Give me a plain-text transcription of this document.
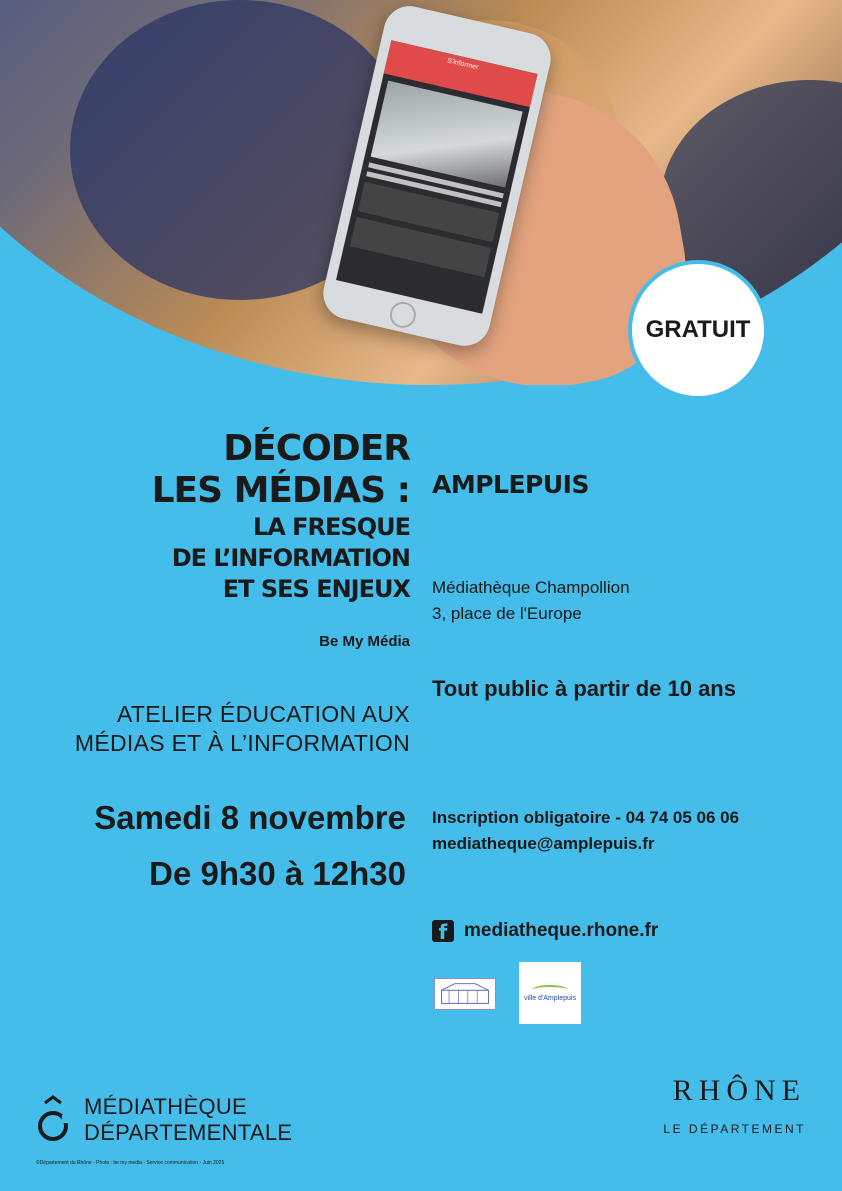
S'informer
GRATUIT
DÉCODER
LES MÉDIAS :
LA FRESQUE
DE L’INFORMATION
ET SES ENJEUX
Be My Média
ATELIER ÉDUCATION AUX
MÉDIAS ET À L’INFORMATION
Samedi 8 novembre
De 9h30 à 12h30
AMPLEPUIS
Médiathèque Champollion
3, place de l'Europe
Tout public à partir de 10 ans
Inscription obligatoire - 04 74 05 06 06
mediatheque@amplepuis.fr
f mediatheque.rhone.fr
ville d'Amplepuis
MÉDIATHÈQUE
DÉPARTEMENTALE
©Département du Rhône - Photo : be my media - Service communication - Juin 2025
RHÔNE
LE DÉPARTEMENT
